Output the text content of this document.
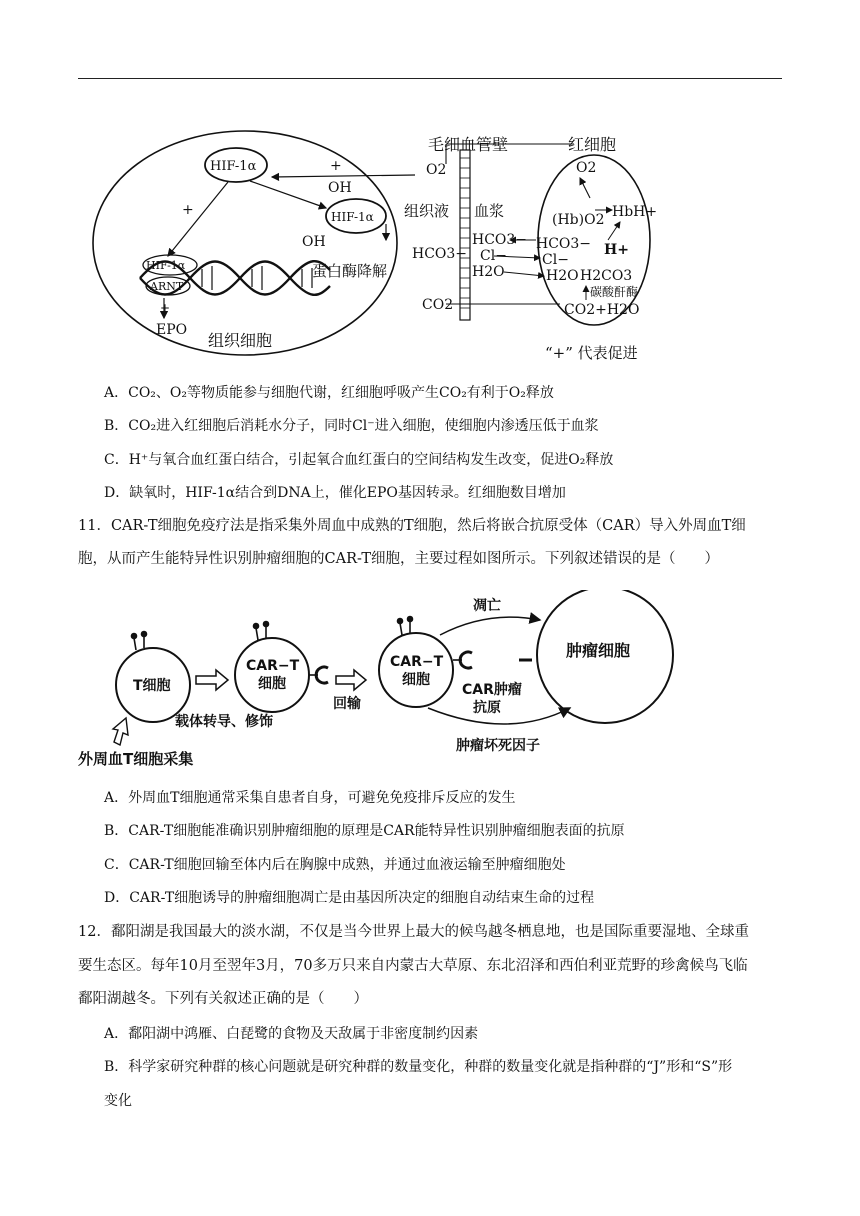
HIF-1α
HIF-1α
OH
OH
蛋白酶降解
+
+
HIF-1α
ARNT
+
EPO
组织细胞
毛细血管壁
组织液 血浆
O2
HCO3−
CO2
HCO3−
Cl−
H2O
红细胞
O2
(Hb)O2 HbH+
H+
HCO3−
Cl−
H2O H2CO3
碳酸酐酶
CO2+H2O
“+” 代表促进
A．CO₂、O₂等物质能参与细胞代谢，红细胞呼吸产生CO₂有利于O₂释放
B．CO₂进入红细胞后消耗水分子，同时Cl⁻进入细胞，使细胞内渗透压低于血浆
C．H⁺与氧合血红蛋白结合，引起氧合血红蛋白的空间结构发生改变，促进O₂释放
D．缺氧时，HIF-1α结合到DNA上，催化EPO基因转录。红细胞数目增加
11．CAR-T细胞免疫疗法是指采集外周血中成熟的T细胞，然后将嵌合抗原受体（CAR）导入外周血T细
胞，从而产生能特异性识别肿瘤细胞的CAR-T细胞，主要过程如图所示。下列叙述错误的是（　　）
T细胞
CAR−T
细胞
载体转导、修饰
回输
CAR−T
细胞
肿瘤细胞
凋亡
CAR肿瘤
抗原
肿瘤坏死因子
外周血T细胞采集
A．外周血T细胞通常采集自患者自身，可避免免疫排斥反应的发生
B．CAR-T细胞能准确识别肿瘤细胞的原理是CAR能特异性识别肿瘤细胞表面的抗原
C．CAR-T细胞回输至体内后在胸腺中成熟，并通过血液运输至肿瘤细胞处
D．CAR-T细胞诱导的肿瘤细胞凋亡是由基因所决定的细胞自动结束生命的过程
12．鄱阳湖是我国最大的淡水湖，不仅是当今世界上最大的候鸟越冬栖息地，也是国际重要湿地、全球重
要生态区。每年10月至翌年3月，70多万只来自内蒙古大草原、东北沼泽和西伯利亚荒野的珍禽候鸟飞临
鄱阳湖越冬。下列有关叙述正确的是（　　）
A．鄱阳湖中鸿雁、白琵鹭的食物及天敌属于非密度制约因素
B．科学家研究种群的核心问题就是研究种群的数量变化，种群的数量变化就是指种群的“J”形和“S”形
变化
